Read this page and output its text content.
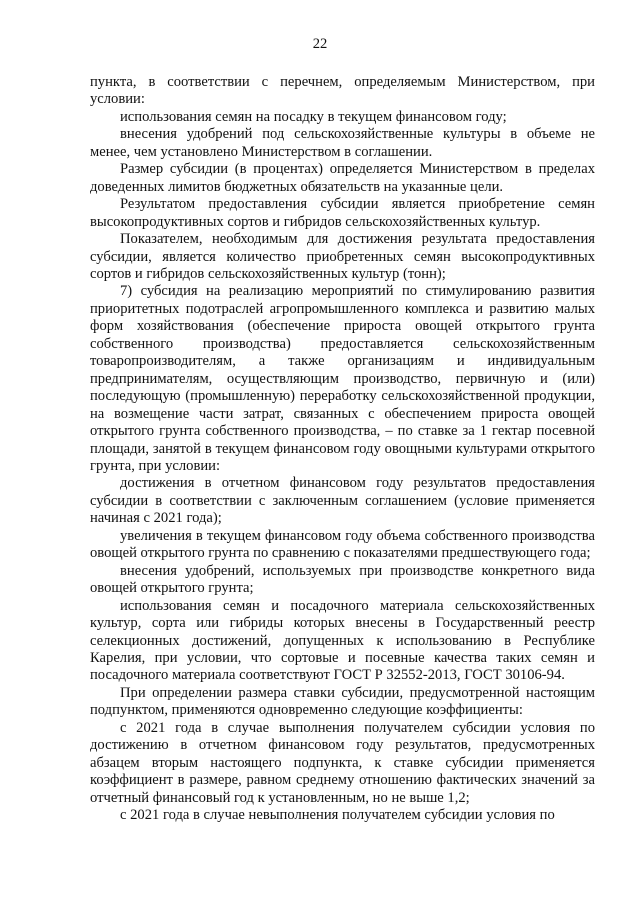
22

пункта, в соответствии с перечнем, определяемым Министерством, при условии:

использования семян на посадку в текущем финансовом году;

внесения удобрений под сельскохозяйственные культуры в объеме не менее, чем установлено Министерством в соглашении.

Размер субсидии (в процентах) определяется Министерством в пределах доведенных лимитов бюджетных обязательств на указанные цели.

Результатом предоставления субсидии является приобретение семян высокопродуктивных сортов и гибридов сельскохозяйственных культур.

Показателем, необходимым для достижения результата предоставления субсидии, является количество приобретенных семян высокопродуктивных сортов и гибридов сельскохозяйственных культур (тонн);

7) субсидия на реализацию мероприятий по стимулированию развития приоритетных подотраслей агропромышленного комплекса и развитию малых форм хозяйствования (обеспечение прироста овощей открытого грунта собственного производства) предоставляется сельскохозяйственным товаропроизводителям, а также организациям и индивидуальным предпринимателям, осуществляющим производство, первичную и (или) последующую (промышленную) переработку сельскохозяйственной продукции, на возмещение части затрат, связанных с обеспечением прироста овощей открытого грунта собственного производства, – по ставке за 1 гектар посевной площади, занятой в текущем финансовом году овощными культурами открытого грунта, при условии:

достижения в отчетном финансовом году результатов предоставления субсидии в соответствии с заключенным соглашением (условие применяется начиная с 2021 года);

увеличения в текущем финансовом году объема собственного производства овощей открытого грунта по сравнению с показателями предшествующего года;

внесения удобрений, используемых при производстве конкретного вида овощей открытого грунта;

использования семян и посадочного материала сельскохозяйственных культур, сорта или гибриды которых внесены в Государственный реестр селекционных достижений, допущенных к использованию в Республике Карелия, при условии, что сортовые и посевные качества таких семян и посадочного материала соответствуют ГОСТ Р 32552-2013, ГОСТ 30106-94.

При определении размера ставки субсидии, предусмотренной настоящим подпунктом, применяются одновременно следующие коэффициенты:

с 2021 года в случае выполнения получателем субсидии условия по достижению в отчетном финансовом году результатов, предусмотренных абзацем вторым настоящего подпункта, к ставке субсидии применяется коэффициент в размере, равном среднему отношению фактических значений за отчетный финансовый год к установленным, но не выше 1,2;

с 2021 года в случае невыполнения получателем субсидии условия по
